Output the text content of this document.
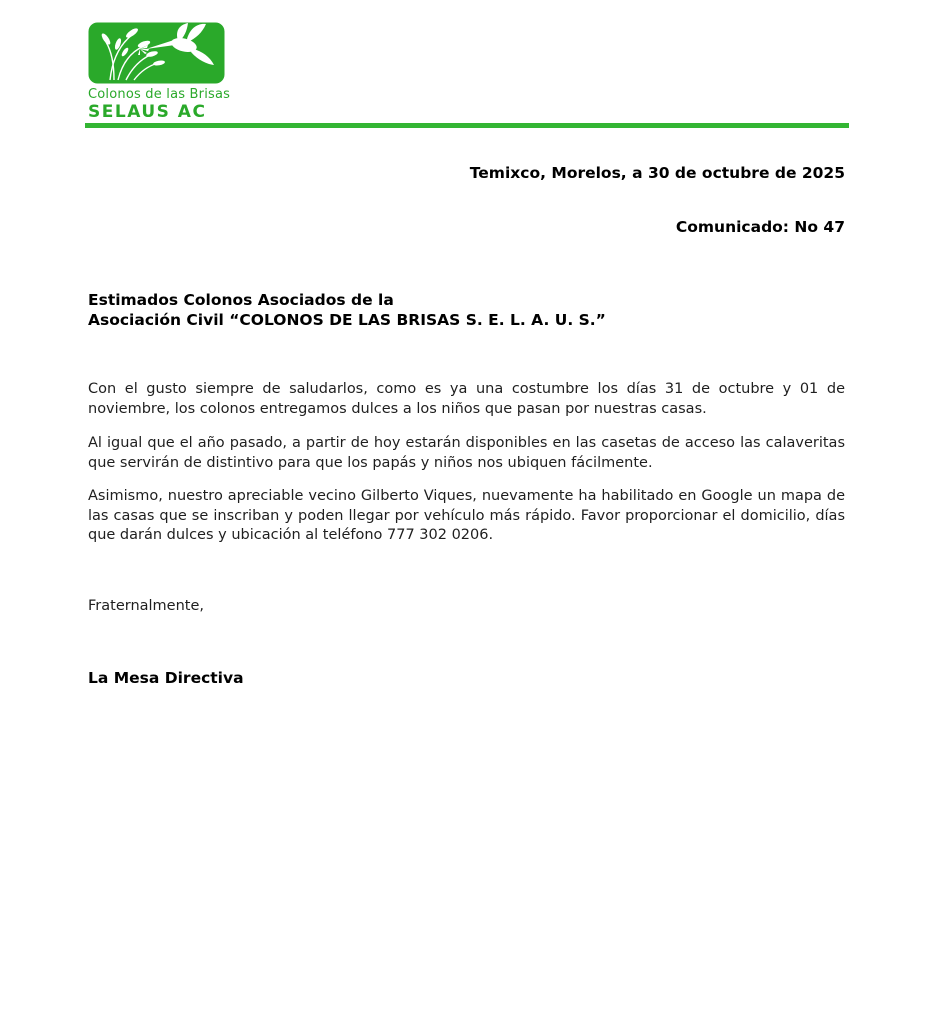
Colonos de las Brisas
SELAUS AC
Temixco, Morelos, a 30 de octubre de 2025
Comunicado: No 47
Estimados Colonos Asociados de la
Asociación Civil “COLONOS DE LAS BRISAS S. E. L. A. U. S.”

Con el gusto siempre de saludarlos, como es ya una costumbre los días 31 de octubre y 01 de noviembre, los colonos entregamos dulces a los niños que pasan por nuestras casas.

Al igual que el año pasado, a partir de hoy estarán disponibles en las casetas de acceso las calaveritas que servirán de distintivo para que los papás y niños nos ubiquen fácilmente.

Asimismo, nuestro apreciable vecino Gilberto Viques, nuevamente ha habilitado en Google un mapa de las casas que se inscriban y poden llegar por vehículo más rápido. Favor proporcionar el domicilio, días que darán dulces y ubicación al teléfono 777 302 0206.

Fraternalmente,
La Mesa Directiva
